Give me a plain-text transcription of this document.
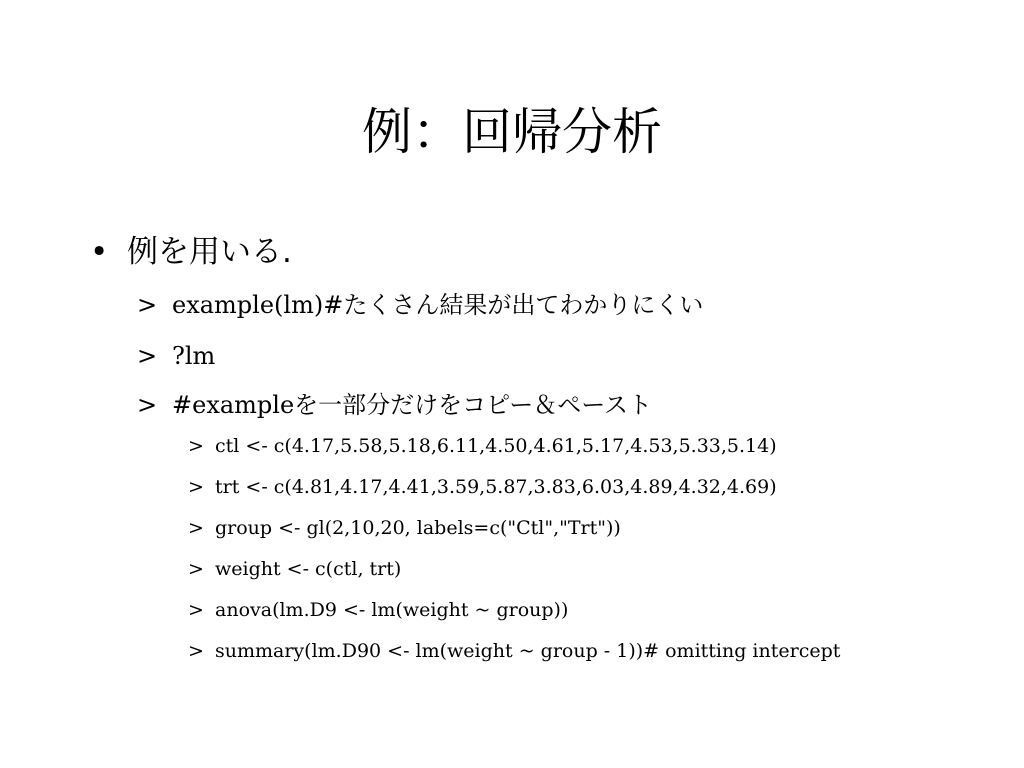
例：回帰分析
• 例を用いる.
> example(lm)#たくさん結果が出てわかりにくい
> ?lm
> #exampleを一部分だけをコピー＆ペースト
> ctl <- c(4.17,5.58,5.18,6.11,4.50,4.61,5.17,4.53,5.33,5.14)
> trt <- c(4.81,4.17,4.41,3.59,5.87,3.83,6.03,4.89,4.32,4.69)
> group <- gl(2,10,20, labels=c("Ctl","Trt"))
> weight <- c(ctl, trt)
> anova(lm.D9 <- lm(weight ~ group))
> summary(lm.D90 <- lm(weight ~ group - 1))# omitting intercept
